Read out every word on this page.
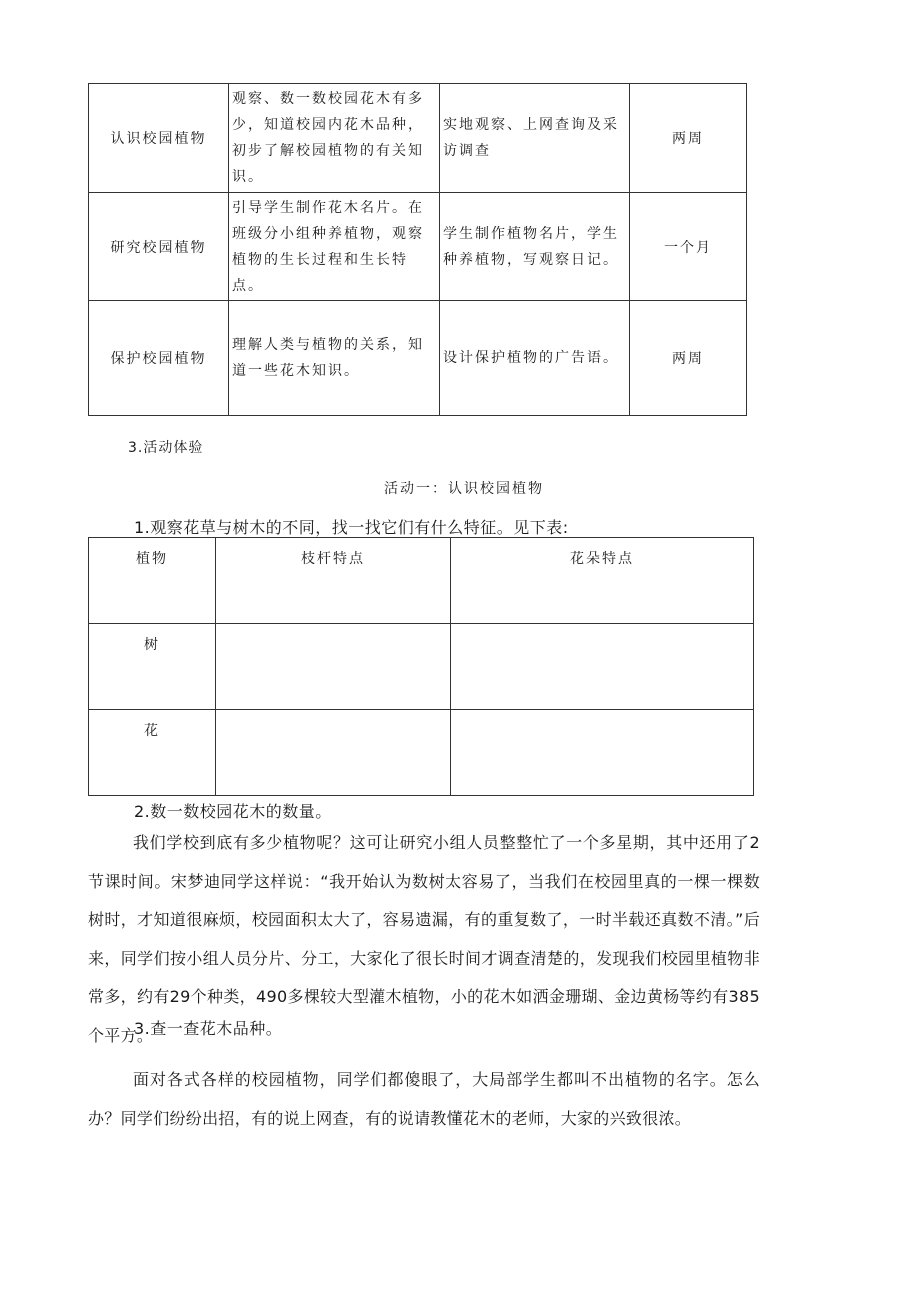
认识校园植物	观察、数一数校园花木有多少，知道校园内花木品种，初步了解校园植物的有关知识。	实地观察、上网查询及采访调查	两周

研究校园植物	引导学生制作花木名片。在班级分小组种养植物，观察植物的生长过程和生长特点。	学生制作植物名片，学生种养植物，写观察日记。	一个月

保护校园植物	理解人类与植物的关系，知道一些花木知识。	设计保护植物的广告语。	两周
3.活动体验
活动一：认识校园植物
1.观察花草与树木的不同，找一找它们有什么特征。见下表:
植物	枝杆特点	花朵特点

树		

花		

2.数一数校园花木的数量。
我们学校到底有多少植物呢？这可让研究小组人员整整忙了一个多星期，其中还用了2节课时间。宋梦迪同学这样说：“我开始认为数树太容易了，当我们在校园里真的一棵一棵数树时，才知道很麻烦，校园面积太大了，容易遗漏，有的重复数了，一时半载还真数不清。”后来，同学们按小组人员分片、分工，大家化了很长时间才调查清楚的，发现我们校园里植物非常多，约有29个种类，490多棵较大型灌木植物，小的花木如洒金珊瑚、金边黄杨等约有385个平方。
3.查一查花木品种。
面对各式各样的校园植物，同学们都傻眼了，大局部学生都叫不出植物的名字。怎么办？同学们纷纷出招，有的说上网查，有的说请教懂花木的老师，大家的兴致很浓。
